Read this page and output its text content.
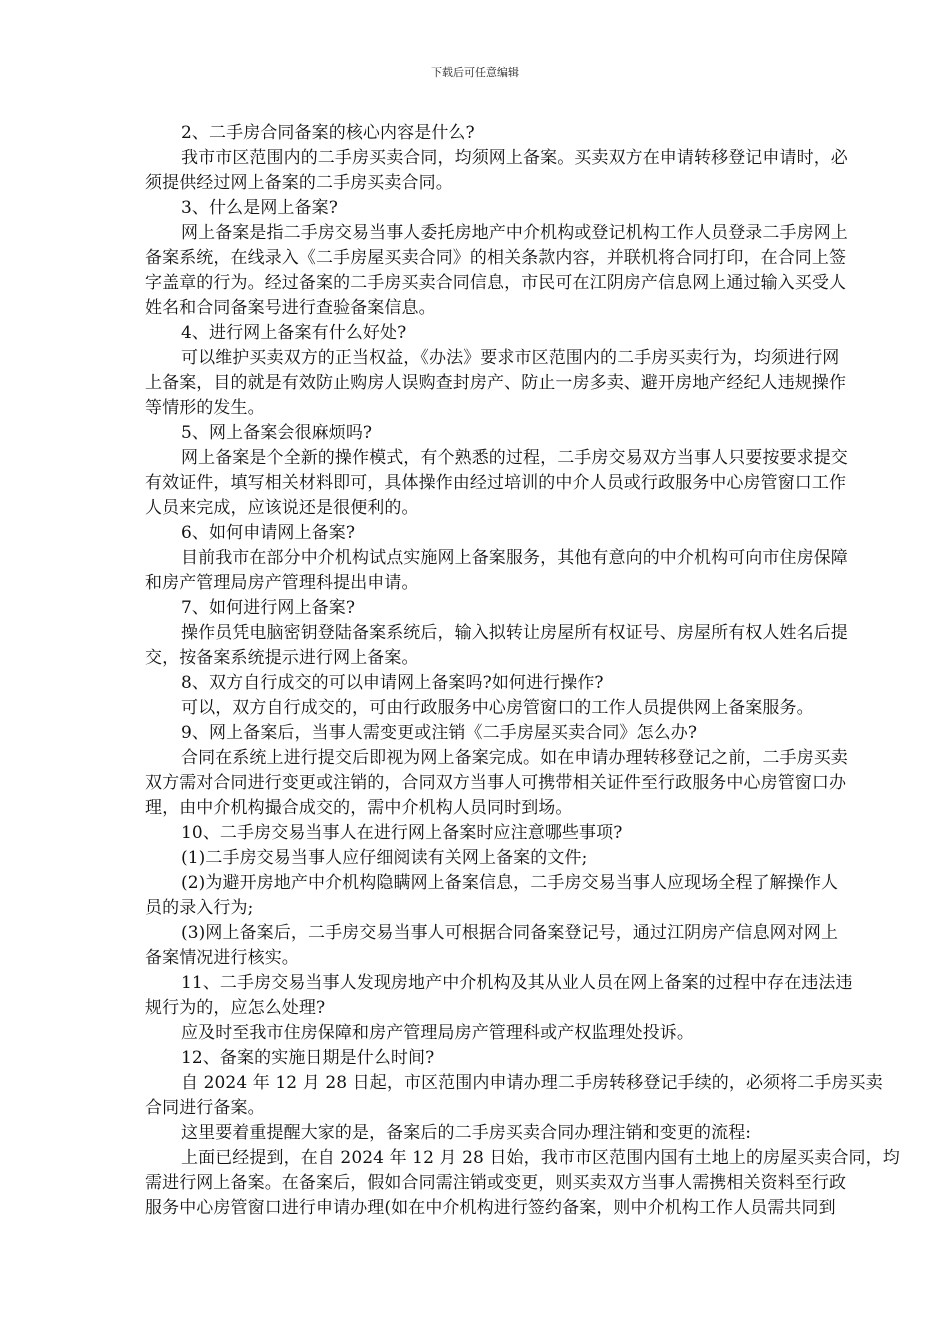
下载后可任意编辑
2、二手房合同备案的核心内容是什么?
我市市区范围内的二手房买卖合同，均须网上备案。买卖双方在申请转移登记申请时，必
须提供经过网上备案的二手房买卖合同。
3、什么是网上备案?
网上备案是指二手房交易当事人委托房地产中介机构或登记机构工作人员登录二手房网上
备案系统，在线录入《二手房屋买卖合同》的相关条款内容，并联机将合同打印，在合同上签
字盖章的行为。经过备案的二手房买卖合同信息，市民可在江阴房产信息网上通过输入买受人
姓名和合同备案号进行查验备案信息。
4、进行网上备案有什么好处?
可以维护买卖双方的正当权益，《办法》要求市区范围内的二手房买卖行为，均须进行网
上备案，目的就是有效防止购房人误购查封房产、防止一房多卖、避开房地产经纪人违规操作
等情形的发生。
5、网上备案会很麻烦吗?
网上备案是个全新的操作模式，有个熟悉的过程，二手房交易双方当事人只要按要求提交
有效证件，填写相关材料即可，具体操作由经过培训的中介人员或行政服务中心房管窗口工作
人员来完成，应该说还是很便利的。
6、如何申请网上备案?
目前我市在部分中介机构试点实施网上备案服务，其他有意向的中介机构可向市住房保障
和房产管理局房产管理科提出申请。
7、如何进行网上备案?
操作员凭电脑密钥登陆备案系统后，输入拟转让房屋所有权证号、房屋所有权人姓名后提
交，按备案系统提示进行网上备案。
8、双方自行成交的可以申请网上备案吗?如何进行操作?
可以，双方自行成交的，可由行政服务中心房管窗口的工作人员提供网上备案服务。
9、网上备案后，当事人需变更或注销《二手房屋买卖合同》怎么办?
合同在系统上进行提交后即视为网上备案完成。如在申请办理转移登记之前，二手房买卖
双方需对合同进行变更或注销的，合同双方当事人可携带相关证件至行政服务中心房管窗口办
理，由中介机构撮合成交的，需中介机构人员同时到场。
10、二手房交易当事人在进行网上备案时应注意哪些事项?
(1)二手房交易当事人应仔细阅读有关网上备案的文件;
(2)为避开房地产中介机构隐瞒网上备案信息，二手房交易当事人应现场全程了解操作人
员的录入行为;
(3)网上备案后，二手房交易当事人可根据合同备案登记号，通过江阴房产信息网对网上
备案情况进行核实。
11、二手房交易当事人发现房地产中介机构及其从业人员在网上备案的过程中存在违法违
规行为的，应怎么处理?
应及时至我市住房保障和房产管理局房产管理科或产权监理处投诉。
12、备案的实施日期是什么时间?
自 2024 年 12 月 28 日起，市区范围内申请办理二手房转移登记手续的，必须将二手房买卖
合同进行备案。
这里要着重提醒大家的是，备案后的二手房买卖合同办理注销和变更的流程:
上面已经提到，在自 2024 年 12 月 28 日始，我市市区范围内国有土地上的房屋买卖合同，均
需进行网上备案。在备案后，假如合同需注销或变更，则买卖双方当事人需携相关资料至行政
服务中心房管窗口进行申请办理(如在中介机构进行签约备案，则中介机构工作人员需共同到
